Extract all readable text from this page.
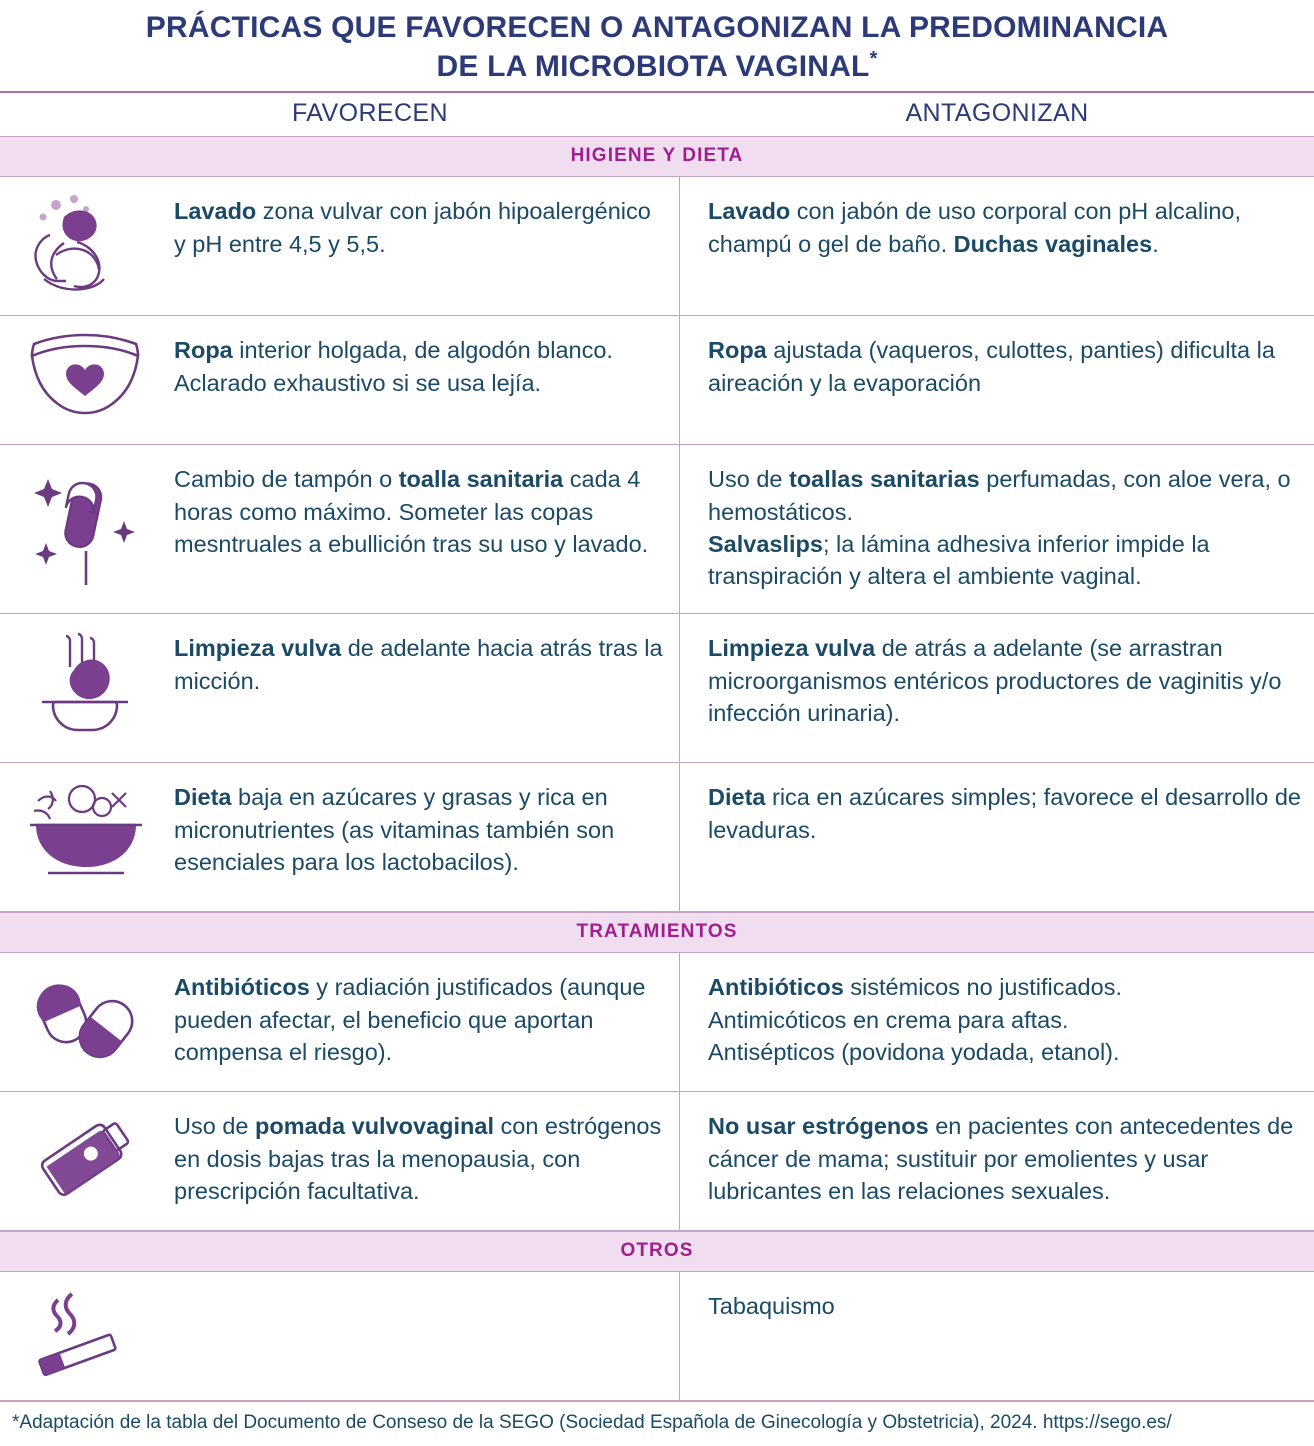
PRÁCTICAS QUE FAVORECEN O ANTAGONIZAN LA PREDOMINANCIA
DE LA MICROBIOTA VAGINAL*
FAVORECEN	ANTAGONIZAN
HIGIENE Y DIETA
Lavado zona vulvar con jabón hipoalergénico y pH entre 4,5 y 5,5.
Lavado con jabón de uso corporal con pH alcalino, champú o gel de baño. Duchas vaginales.
Ropa interior holgada, de algodón blanco. Aclarado exhaustivo si se usa lejía.
Ropa ajustada (vaqueros, culottes, panties) dificulta la aireación y la evaporación
Cambio de tampón o toalla sanitaria cada 4 horas como máximo. Someter las copas mesntruales a ebullición tras su uso y lavado.
Uso de toallas sanitarias perfumadas, con aloe vera, o hemostáticos.
Salvaslips; la lámina adhesiva inferior impide la transpiración y altera el ambiente vaginal.
Limpieza vulva de adelante hacia atrás tras la micción.
Limpieza vulva de atrás a adelante (se arrastran microorganismos entéricos productores de vaginitis y/o infección urinaria).
Dieta baja en azúcares y grasas y rica en micronutrientes (as vitaminas también son esenciales para los lactobacilos).
Dieta rica en azúcares simples; favorece el desarrollo de levaduras.
TRATAMIENTOS
Antibióticos y radiación justificados (aunque pueden afectar, el beneficio que aportan compensa el riesgo).
Antibióticos sistémicos no justificados.
Antimicóticos en crema para aftas.
Antisépticos (povidona yodada, etanol).
Uso de pomada vulvovaginal con estrógenos en dosis bajas tras la menopausia, con prescripción facultativa.
No usar estrógenos en pacientes con antecedentes de cáncer de mama; sustituir por emolientes y usar lubricantes en las relaciones sexuales.
OTROS
Tabaquismo
*Adaptación de la tabla del Documento de Conseso de la SEGO (Sociedad Española de Ginecología y Obstetricia), 2024. https://sego.es/
